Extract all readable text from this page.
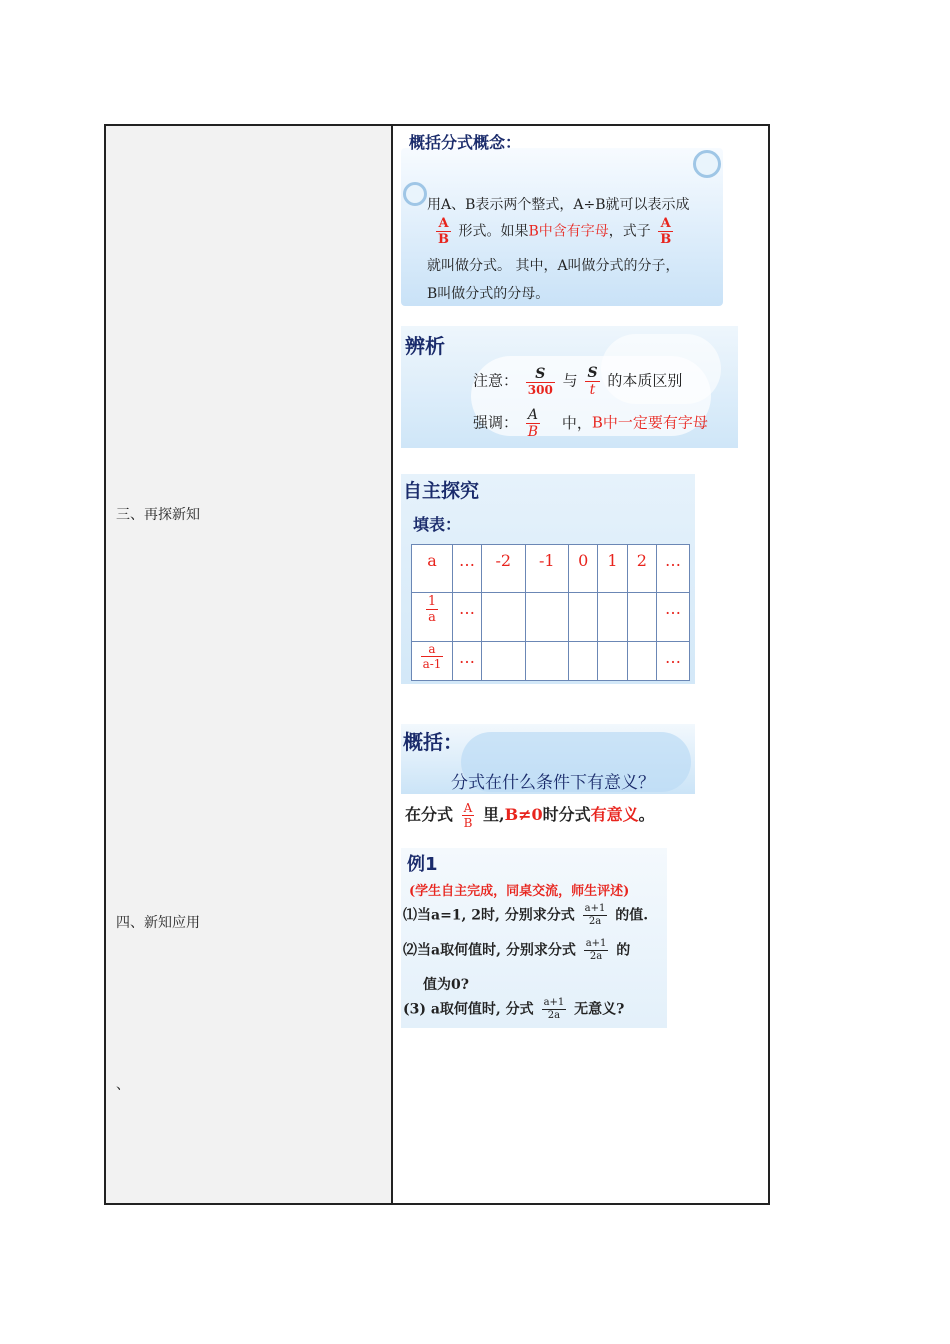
三、再探新知
四、新知应用
、
概括分式概念：
用A、B表示两个整式，A÷B就可以表示成
$\frac{A}{B}$ 形式。如果B中含有字母，式子 $\frac{A}{B}$
就叫做分式。 其中，A叫做分式的分子，
B叫做分式的分母。
辨析
注意： $\frac{S}{300}$ 与 $\frac{S}{t}$ 的本质区别
强调： $\frac{A}{B}$ 中，B中一定要有字母
自主探究
填表：
a	…	-2	-1	0	1	2	…

$\frac{1}{a}$	…						…

$\frac{a}{a-1}$	…						…
概括：
分式在什么条件下有意义？
在分式 $\frac{A}{B}$ 里,B≠0时分式有意义。
例1
(学生自主完成，同桌交流，师生评述)
⑴当a=1, 2时, 分别求分式 $\frac{a+1}{2a}$ 的值.
⑵当a取何值时, 分别求分式 $\frac{a+1}{2a}$ 的
值为0?
(3) a取何值时, 分式 $\frac{a+1}{2a}$ 无意义?
